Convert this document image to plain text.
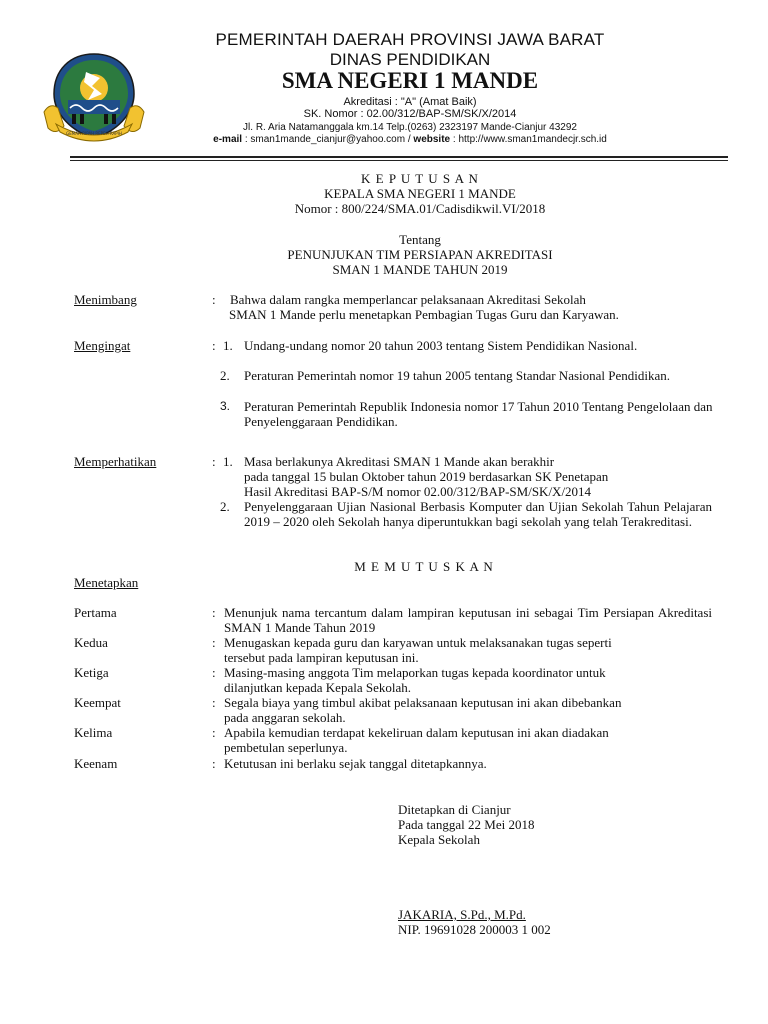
GEMAH RIPAH REPEH RAPIH
PEMERINTAH DAERAH PROVINSI JAWA BARAT
DINAS PENDIDIKAN
SMA NEGERI 1 MANDE
Akreditasi : "A" (Amat Baik)
SK. Nomor : 02.00/312/BAP-SM/SK/X/2014
Jl. R. Aria Natamanggala km.14 Telp.(0263) 2323197 Mande-Cianjur 43292
e-mail : sman1mande_cianjur@yahoo.com / website : http://www.sman1mandecjr.sch.id
K E P U T U S A N
KEPALA SMA NEGERI 1 MANDE
Nomor : 800/224/SMA.01/Cadisdikwil.VI/2018
Tentang
PENUNJUKAN TIM PERSIAPAN AKREDITASI
SMAN 1 MANDE TAHUN 2019
Menimbang	: Bahwa dalam rangka memperlancar pelaksanaan Akreditasi Sekolah
SMAN 1 Mande perlu menetapkan Pembagian Tugas Guru dan Karyawan.
Mengingat	: 1. Undang-undang nomor 20 tahun 2003 tentang Sistem Pendidikan Nasional.
2. Peraturan Pemerintah nomor 19 tahun 2005 tentang Standar Nasional Pendidikan.
3. Peraturan Pemerintah Republik Indonesia nomor 17 Tahun 2010 Tentang Pengelolaan dan Penyelenggaraan Pendidikan.
Memperhatikan	: 1. Masa berlakunya Akreditasi SMAN 1 Mande akan berakhir
pada tanggal 15 bulan Oktober tahun 2019 berdasarkan SK Penetapan
Hasil Akreditasi BAP-S/M nomor 02.00/312/BAP-SM/SK/X/2014
2. Penyelenggaraan Ujian Nasional Berbasis Komputer dan Ujian Sekolah Tahun Pelajaran 2019 – 2020 oleh Sekolah hanya diperuntukkan bagi sekolah yang telah Terakreditasi.
M E M U T U S K A N
Menetapkan
Pertama	: Menunjuk nama tercantum dalam lampiran keputusan ini sebagai Tim Persiapan Akreditasi SMAN 1 Mande Tahun 2019
Kedua	: Menugaskan kepada guru dan karyawan untuk melaksanakan tugas seperti
tersebut pada lampiran keputusan ini.
Ketiga	: Masing-masing anggota Tim melaporkan tugas kepada koordinator untuk
dilanjutkan kepada Kepala Sekolah.
Keempat	: Segala biaya yang timbul akibat pelaksanaan keputusan ini akan dibebankan
pada anggaran sekolah.
Kelima	: Apabila kemudian terdapat kekeliruan dalam keputusan ini akan diadakan
pembetulan seperlunya.
Keenam	: Ketutusan ini berlaku sejak tanggal ditetapkannya.
Ditetapkan di Cianjur
Pada tanggal 22 Mei 2018
Kepala Sekolah
JAKARIA, S.Pd., M.Pd.
NIP. 19691028 200003 1 002
